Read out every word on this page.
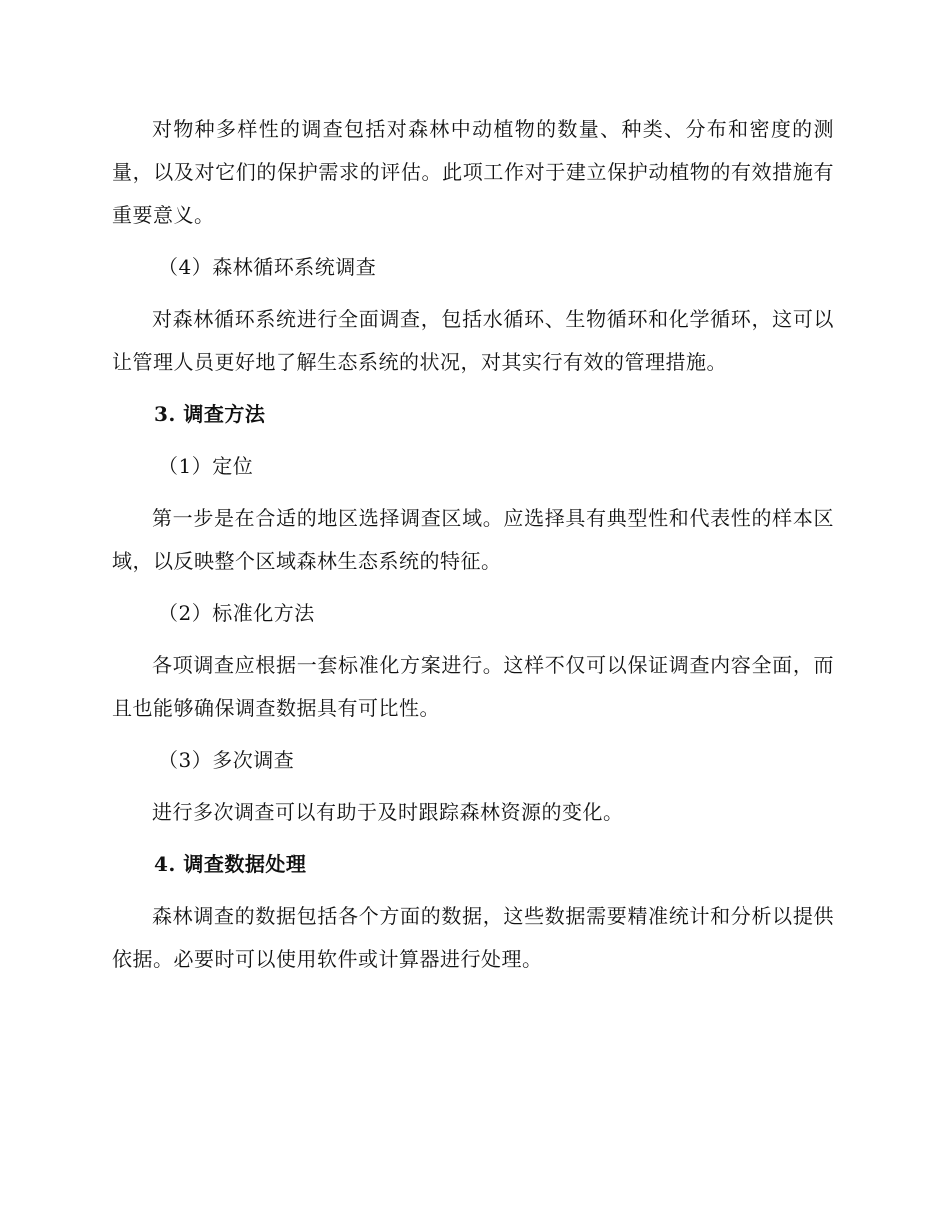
对物种多样性的调查包括对森林中动植物的数量、种类、分布和密度的测量，以及对它们的保护需求的评估。此项工作对于建立保护动植物的有效措施有重要意义。

（4）森林循环系统调查

对森林循环系统进行全面调查，包括水循环、生物循环和化学循环，这可以让管理人员更好地了解生态系统的状况，对其实行有效的管理措施。

3. 调查方法

（1）定位

第一步是在合适的地区选择调查区域。应选择具有典型性和代表性的样本区域，以反映整个区域森林生态系统的特征。

（2）标准化方法

各项调查应根据一套标准化方案进行。这样不仅可以保证调查内容全面，而且也能够确保调查数据具有可比性。

（3）多次调查

进行多次调查可以有助于及时跟踪森林资源的变化。

4. 调查数据处理

森林调查的数据包括各个方面的数据，这些数据需要精准统计和分析以提供依据。必要时可以使用软件或计算器进行处理。
